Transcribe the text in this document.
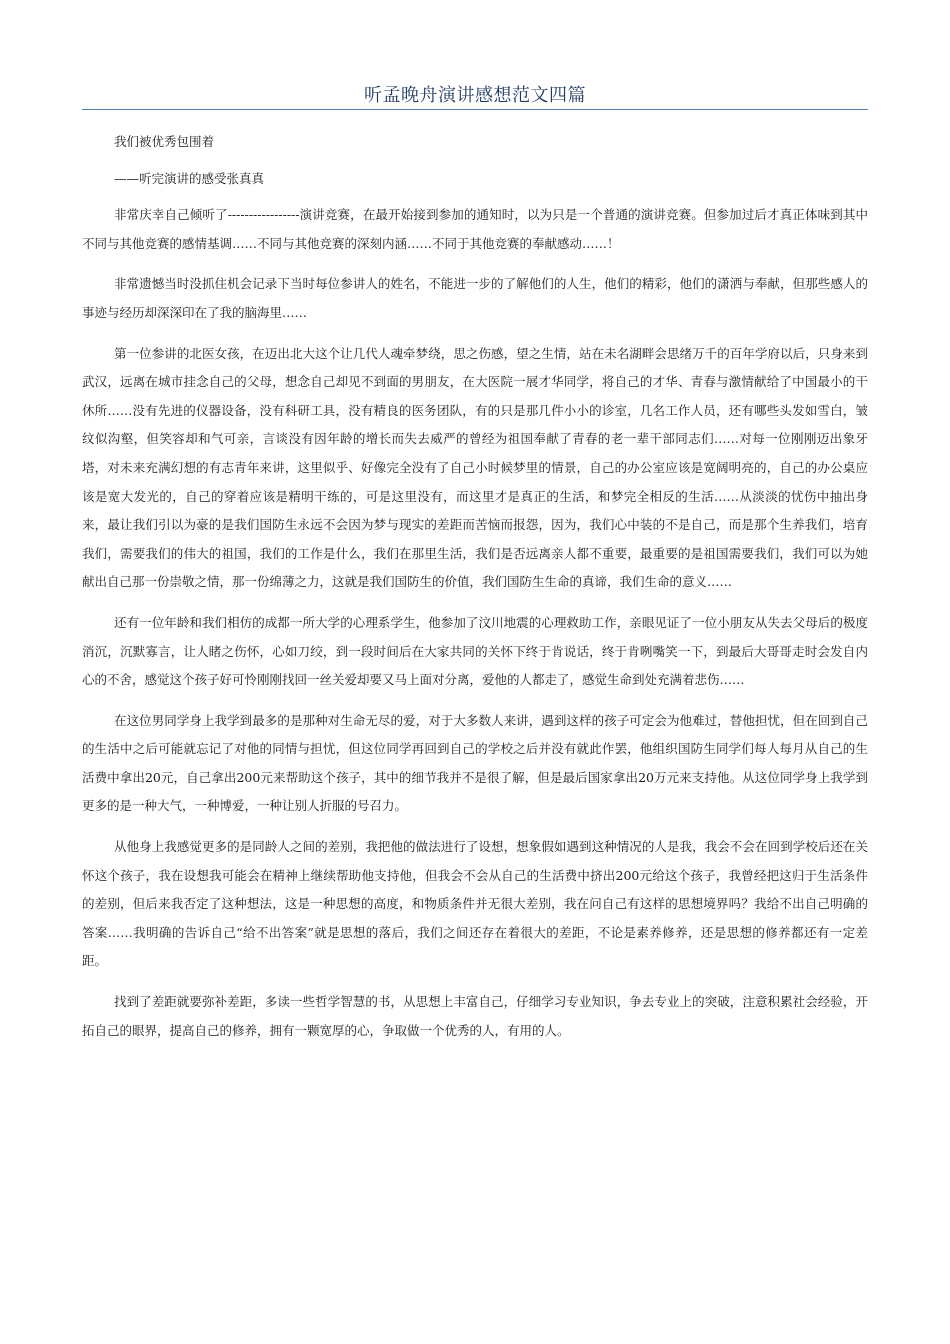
听孟晚舟演讲感想范文四篇

我们被优秀包围着

——听完演讲的感受张真真

非常庆幸自己倾听了-----------------演讲竞赛，在最开始接到参加的通知时，以为只是一个普通的演讲竞赛。但参加过后才真正体味到其中不同与其他竞赛的感情基调……不同与其他竞赛的深刻内涵……不同于其他竞赛的奉献感动……！

非常遗憾当时没抓住机会记录下当时每位参讲人的姓名，不能进一步的了解他们的人生，他们的精彩，他们的潇洒与奉献，但那些感人的事迹与经历却深深印在了我的脑海里……

第一位参讲的北医女孩，在迈出北大这个让几代人魂牵梦绕，思之伤感，望之生情，站在未名湖畔会思绪万千的百年学府以后，只身来到武汉，远离在城市挂念自己的父母，想念自己却见不到面的男朋友，在大医院一展才华同学，将自己的才华、青春与激情献给了中国最小的干休所……没有先进的仪器设备，没有科研工具，没有精良的医务团队，有的只是那几件小小的诊室，几名工作人员，还有哪些头发如雪白，皱纹似沟壑，但笑容却和气可亲，言谈没有因年龄的增长而失去威严的曾经为祖国奉献了青春的老一辈干部同志们……对每一位刚刚迈出象牙塔，对未来充满幻想的有志青年来讲，这里似乎、好像完全没有了自己小时候梦里的情景，自己的办公室应该是宽阔明亮的，自己的办公桌应该是宽大发光的，自己的穿着应该是精明干练的，可是这里没有，而这里才是真正的生活，和梦完全相反的生活……从淡淡的忧伤中抽出身来，最让我们引以为豪的是我们国防生永远不会因为梦与现实的差距而苦恼而报怨，因为，我们心中装的不是自己，而是那个生养我们，培育我们，需要我们的伟大的祖国，我们的工作是什么，我们在那里生活，我们是否远离亲人都不重要，最重要的是祖国需要我们，我们可以为她献出自己那一份崇敬之情，那一份绵薄之力，这就是我们国防生的价值，我们国防生生命的真谛，我们生命的意义……

还有一位年龄和我们相仿的成都一所大学的心理系学生，他参加了汶川地震的心理救助工作，亲眼见证了一位小朋友从失去父母后的极度消沉，沉默寡言，让人睹之伤怀，心如刀绞，到一段时间后在大家共同的关怀下终于肯说话，终于肯咧嘴笑一下，到最后大哥哥走时会发自内心的不舍，感觉这个孩子好可怜刚刚找回一丝关爱却要又马上面对分离，爱他的人都走了，感觉生命到处充满着悲伤……

在这位男同学身上我学到最多的是那种对生命无尽的爱，对于大多数人来讲，遇到这样的孩子可定会为他难过，替他担忧，但在回到自己的生活中之后可能就忘记了对他的同情与担忧，但这位同学再回到自己的学校之后并没有就此作罢，他组织国防生同学们每人每月从自己的生活费中拿出20元，自己拿出200元来帮助这个孩子，其中的细节我并不是很了解，但是最后国家拿出20万元来支持他。从这位同学身上我学到更多的是一种大气，一种博爱，一种让别人折服的号召力。

从他身上我感觉更多的是同龄人之间的差别，我把他的做法进行了设想，想象假如遇到这种情况的人是我，我会不会在回到学校后还在关怀这个孩子，我在设想我可能会在精神上继续帮助他支持他，但我会不会从自己的生活费中挤出200元给这个孩子，我曾经把这归于生活条件的差别，但后来我否定了这种想法，这是一种思想的高度，和物质条件并无很大差别，我在问自己有这样的思想境界吗？我给不出自己明确的答案……我明确的告诉自己“给不出答案”就是思想的落后，我们之间还存在着很大的差距，不论是素养修养，还是思想的修养都还有一定差距。

找到了差距就要弥补差距，多读一些哲学智慧的书，从思想上丰富自己，仔细学习专业知识，争去专业上的突破，注意积累社会经验，开拓自己的眼界，提高自己的修养，拥有一颗宽厚的心，争取做一个优秀的人，有用的人。
